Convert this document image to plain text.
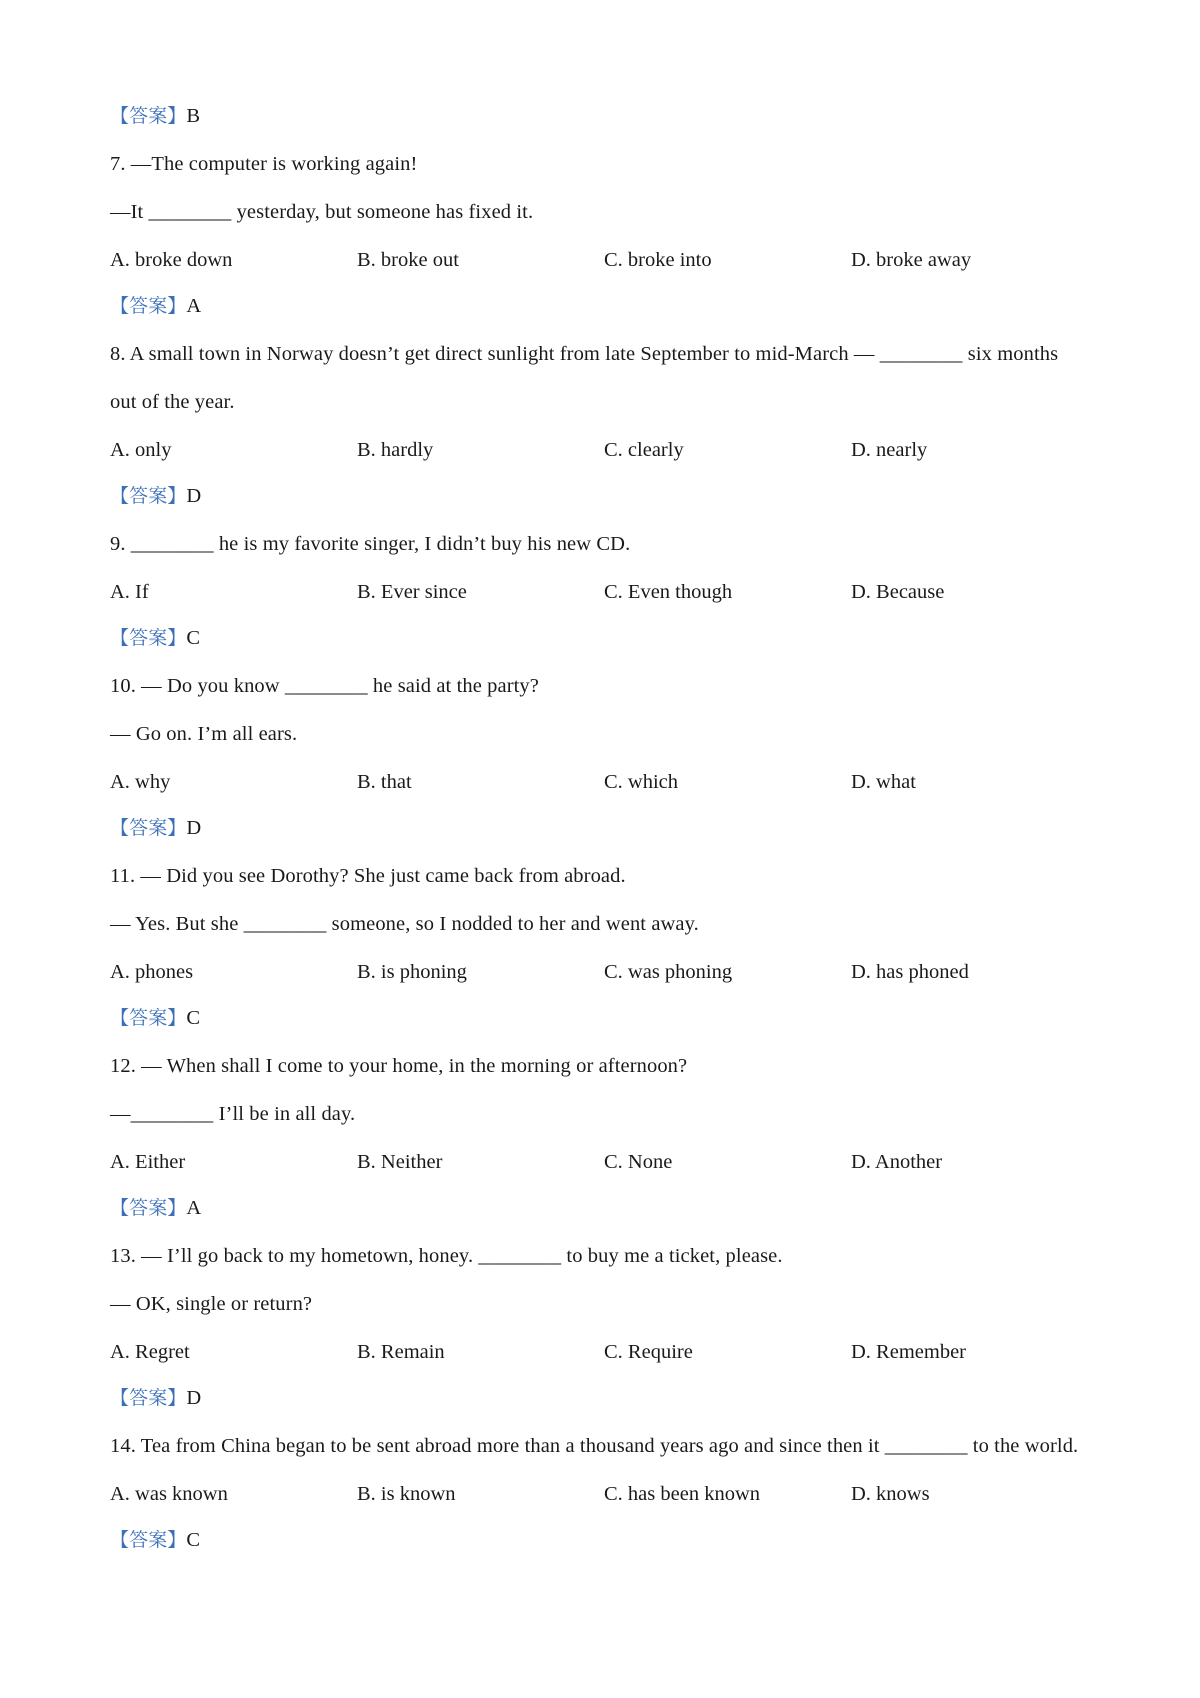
【答案】B
7. —The computer is working again!
—It ________ yesterday, but someone has fixed it.
A. broke down	B. broke out	C. broke into	D. broke away
【答案】A
8. A small town in Norway doesn’t get direct sunlight from late September to mid-March — ________ six months
out of the year.
A. only	B. hardly	C. clearly	D. nearly
【答案】D
9. ________ he is my favorite singer, I didn’t buy his new CD.
A. If	B. Ever since	C. Even though	D. Because
【答案】C
10. — Do you know ________ he said at the party?
— Go on. I’m all ears.
A. why	B. that	C. which	D. what
【答案】D
11. — Did you see Dorothy? She just came back from abroad.
— Yes. But she ________ someone, so I nodded to her and went away.
A. phones	B. is phoning	C. was phoning	D. has phoned
【答案】C
12. — When shall I come to your home, in the morning or afternoon?
—________ I’ll be in all day.
A. Either	B. Neither	C. None	D. Another
【答案】A
13. — I’ll go back to my hometown, honey. ________ to buy me a ticket, please.
— OK, single or return?
A. Regret	B. Remain	C. Require	D. Remember
【答案】D
14. Tea from China began to be sent abroad more than a thousand years ago and since then it ________ to the world.
A. was known	B. is known	C. has been known	D. knows
【答案】C
